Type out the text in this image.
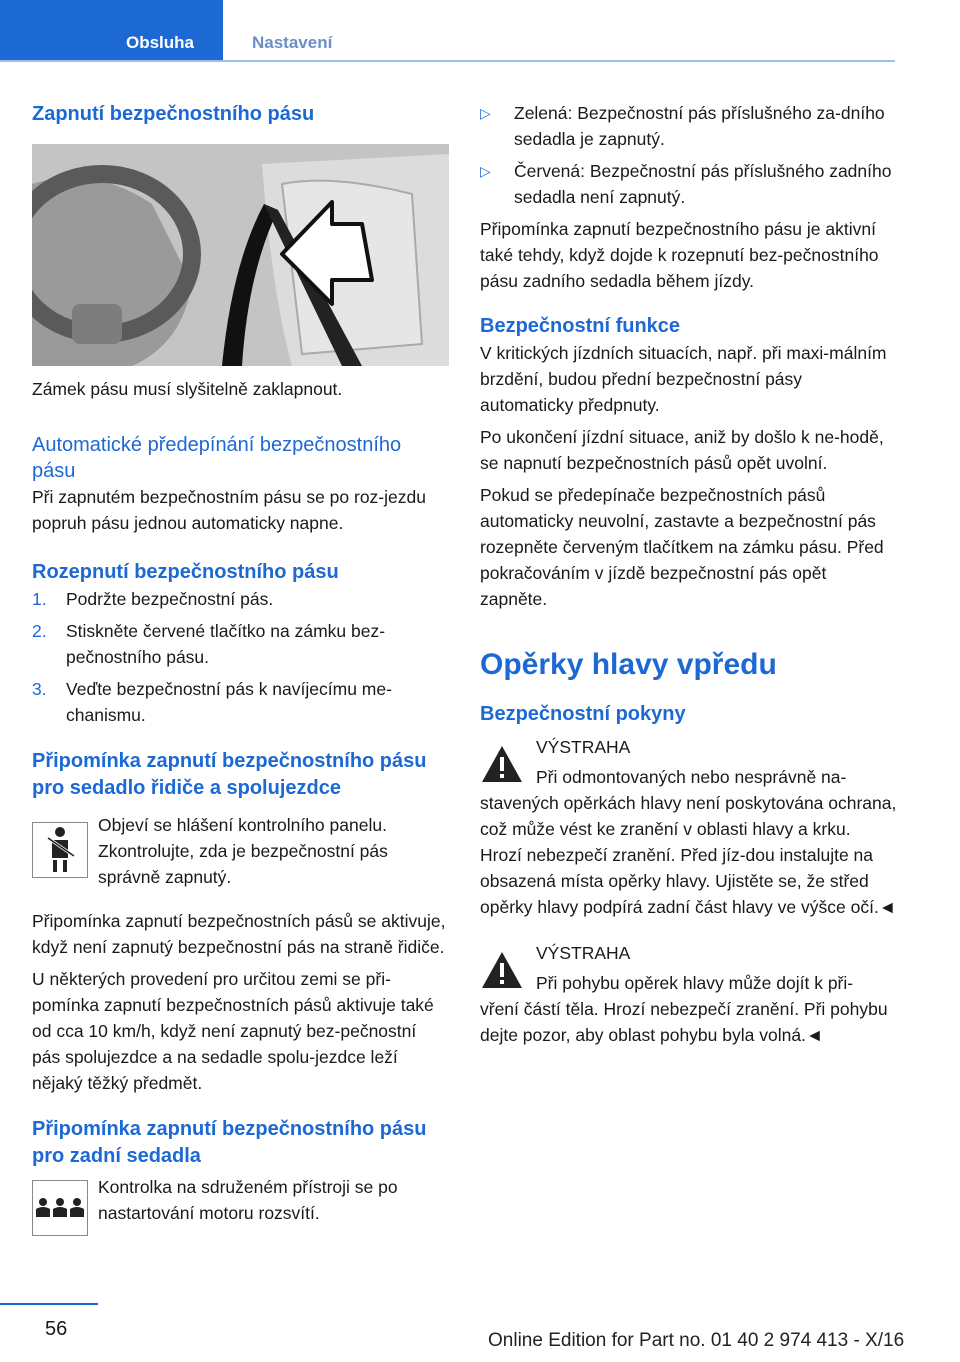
Obsluha	Nastavení
Zapnutí bezpečnostního pásu

Zámek pásu musí slyšitelně zaklapnout.

Automatické předepínání bezpečnostního pásu

Při zapnutém bezpečnostním pásu se po roz-jezdu popruh pásu jednou automaticky napne.

Rozepnutí bezpečnostního pásu
1. Podržte bezpečnostní pás.
2. Stiskněte červené tlačítko na zámku bez-pečnostního pásu.
3. Veďte bezpečnostní pás k navíjecímu me-chanismu.
Připomínka zapnutí bezpečnostního pásu pro sedadlo řidiče a spolujezdce

Objeví se hlášení kontrolního panelu. Zkontrolujte, zda je bezpečnostní pás správně zapnutý.

Připomínka zapnutí bezpečnostních pásů se aktivuje, když není zapnutý bezpečnostní pás na straně řidiče.

U některých provedení pro určitou zemi se při-pomínka zapnutí bezpečnostních pásů aktivuje také od cca 10 km/h, když není zapnutý bez-pečnostní pás spolujezdce a na sedadle spolu-jezdce leží nějaký těžký předmět.

Připomínka zapnutí bezpečnostního pásu pro zadní sedadla

Kontrolka na sdruženém přístroji se po nastartování motoru rozsvítí.

▷ Zelená: Bezpečnostní pás příslušného za-dního sedadla je zapnutý.
▷ Červená: Bezpečnostní pás příslušného zadního sedadla není zapnutý.

Připomínka zapnutí bezpečnostního pásu je aktivní také tehdy, když dojde k rozepnutí bez-pečnostního pásu zadního sedadla během jízdy.

Bezpečnostní funkce

V kritických jízdních situacích, např. při maxi-málním brzdění, budou přední bezpečnostní pásy automaticky předpnuty.

Po ukončení jízdní situace, aniž by došlo k ne-hodě, se napnutí bezpečnostních pásů opět uvolní.

Pokud se předepínače bezpečnostních pásů automaticky neuvolní, zastavte a bezpečnostní pás rozepněte červeným tlačítkem na zámku pásu. Před pokračováním v jízdě bezpečnostní pás opět zapněte.

Opěrky hlavy vpředu
Bezpečnostní pokyny

VÝSTRAHA

Při odmontovaných nebo nesprávně na-

stavených opěrkách hlavy není poskytována ochrana, což může vést ke zranění v oblasti hlavy a krku. Hrozí nebezpečí zranění. Před jíz-dou instalujte na obsazená místa opěrky hlavy. Ujistěte se, že střed opěrky hlavy podpírá zadní část hlavy ve výšce očí.◄

VÝSTRAHA

Při pohybu opěrek hlavy může dojít k při-

vření částí těla. Hrozí nebezpečí zranění. Při pohybu dejte pozor, aby oblast pohybu byla volná.◄

56
Online Edition for Part no. 01 40 2 974 413 - X/16
